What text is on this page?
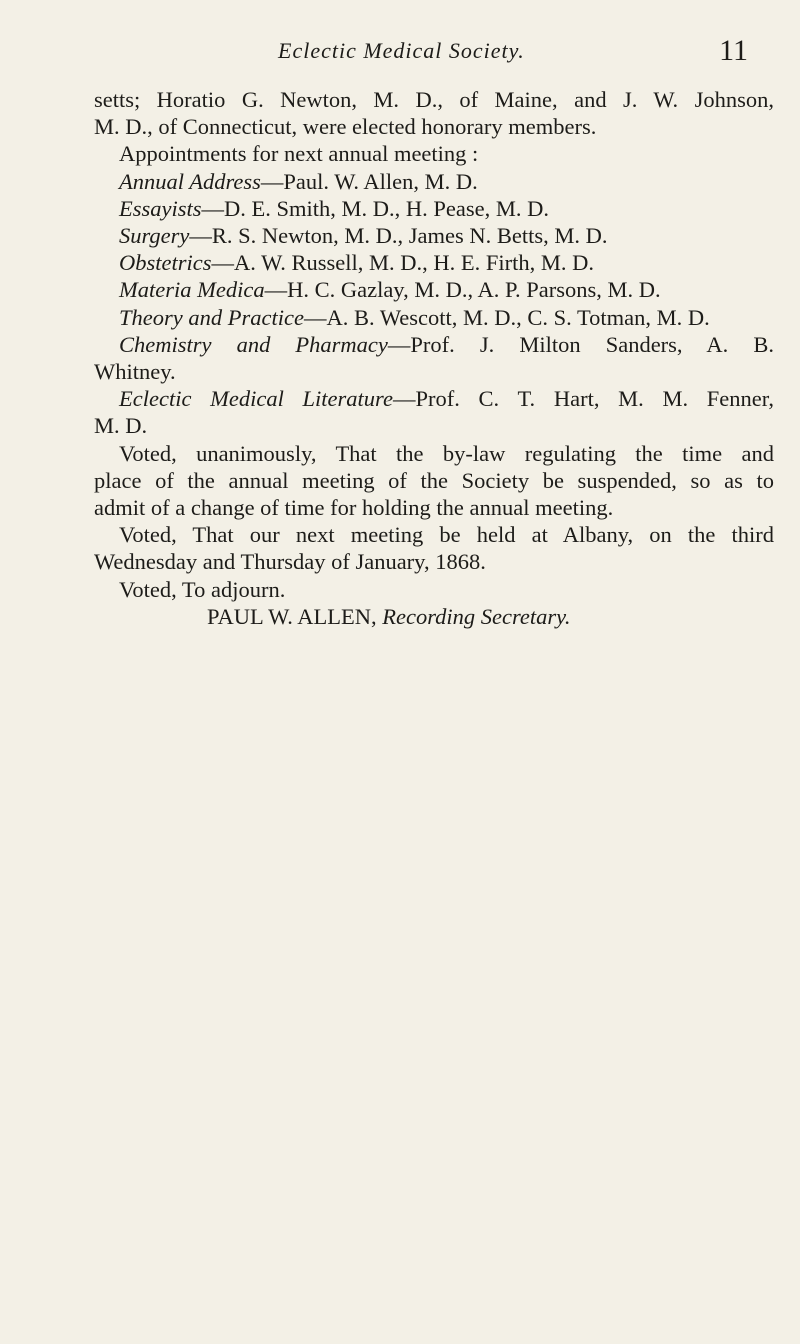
Eclectic Medical Society.	11
setts; Horatio G. Newton, M. D., of Maine, and J. W. Johnson,
M. D., of Connecticut, were elected honorary members.
Appointments for next annual meeting :
Annual Address—Paul. W. Allen, M. D.
Essayists—D. E. Smith, M. D., H. Pease, M. D.
Surgery—R. S. Newton, M. D., James N. Betts, M. D.
Obstetrics—A. W. Russell, M. D., H. E. Firth, M. D.
Materia Medica—H. C. Gazlay, M. D., A. P. Parsons, M. D.
Theory and Practice—A. B. Wescott, M. D., C. S. Totman, M. D.
Chemistry and Pharmacy—Prof. J. Milton Sanders, A. B.
Whitney.
Eclectic Medical Literature—Prof. C. T. Hart, M. M. Fenner,
M. D.
Voted, unanimously, That the by-law regulating the time and
place of the annual meeting of the Society be suspended, so as to
admit of a change of time for holding the annual meeting.
Voted, That our next meeting be held at Albany, on the third
Wednesday and Thursday of January, 1868.
Voted, To adjourn.
PAUL W. ALLEN, Recording Secretary.
